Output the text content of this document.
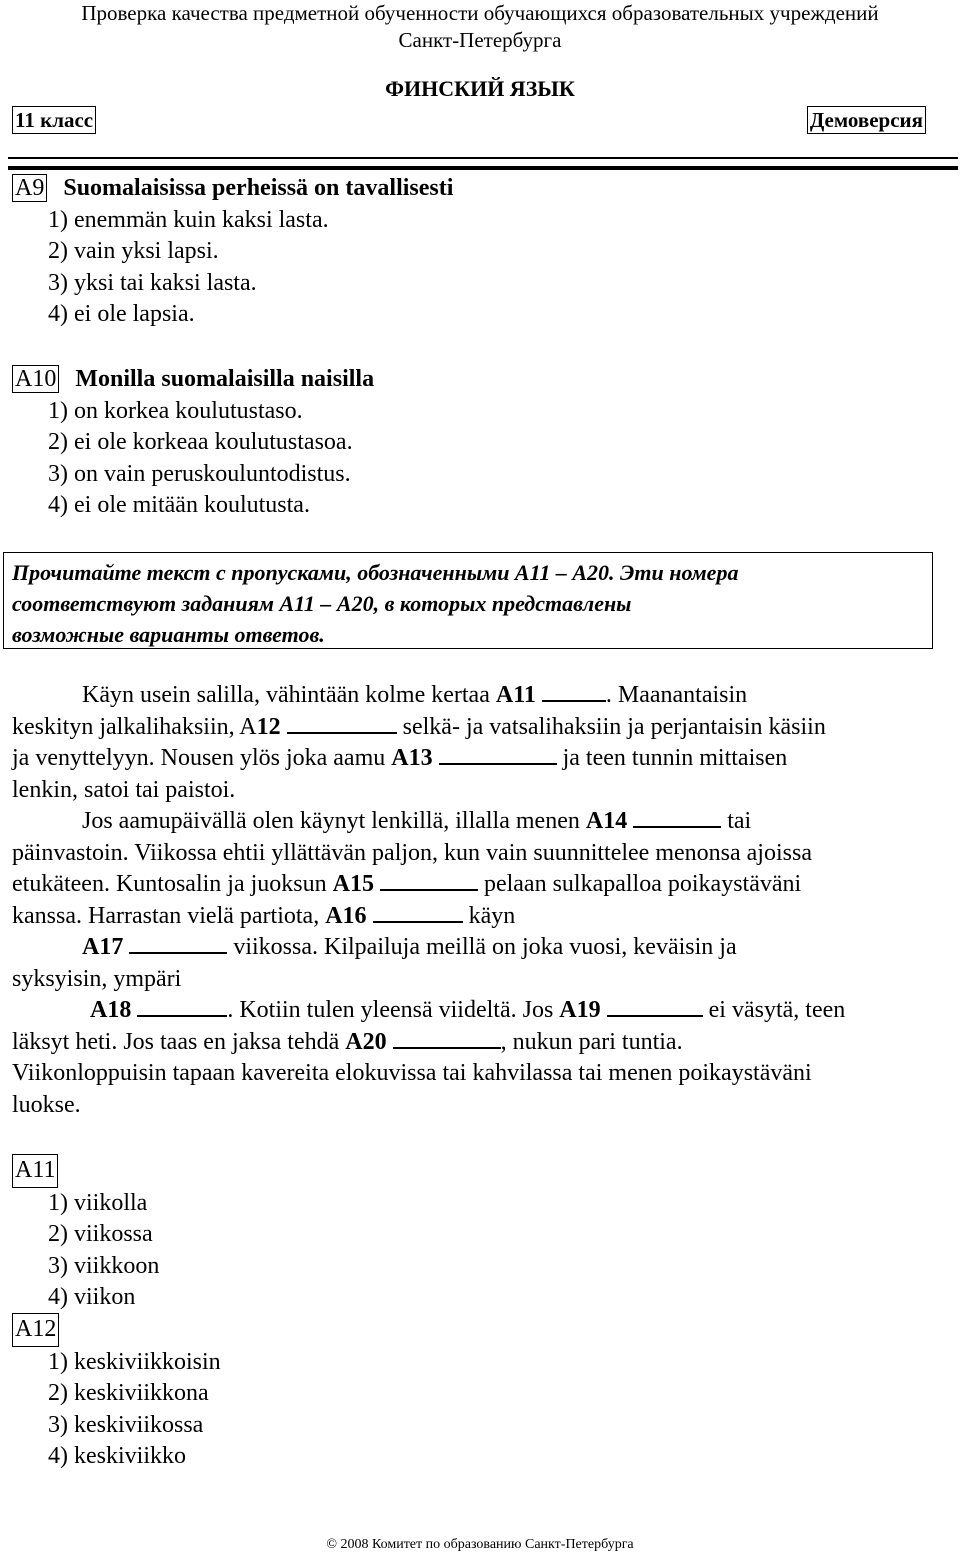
Проверка качества предметной обученности обучающихся образовательных учреждений
Санкт-Петербурга
ФИНСКИЙ ЯЗЫК
11 класс	Демоверсия
А9 Suomalaisissa perheissä on tavallisesti
1) enemmän kuin kaksi lasta.
2) vain yksi lapsi.
3) yksi tai kaksi lasta.
4) ei ole lapsia.
А10 Monilla suomalaisilla naisilla
1) on korkea koulutustaso.
2) ei ole korkeaa koulutustasoa.
3) on vain peruskouluntodistus.
4) ei ole mitään koulutusta.
Прочитайте текст с пропусками, обозначенными А11 – А20. Эти номера
соответствуют заданиям А11 – А20, в которых представлены
возможные варианты ответов.
Käyn usein salilla, vähintään kolme kertaa A11	. Maanantaisin
keskityn jalkalihaksiin, A12	selkä- ja vatsalihaksiin ja perjantaisin käsiin
ja venyttelyyn. Nousen ylös joka aamu A13	ja teen tunnin mittaisen
lenkin, satoi tai paistoi.
Jos aamupäivällä olen käynyt lenkillä, illalla menen A14	tai
päinvastoin. Viikossa ehtii yllättävän paljon, kun vain suunnittelee menonsa ajoissa
etukäteen. Kuntosalin ja juoksun A15	pelaan sulkapalloa poikaystäväni
kanssa. Harrastan vielä partiota, A16	käyn
A17	viikossa. Kilpailuja meillä on joka vuosi, keväisin ja
syksyisin, ympäri
A18	. Kotiin tulen yleensä viideltä. Jos A19	ei väsytä, teen
läksyt heti. Jos taas en jaksa tehdä A20	, nukun pari tuntia.
Viikonloppuisin tapaan kavereita elokuvissa tai kahvilassa tai menen poikaystäväni
luokse.
А11
1) viikolla
2) viikossa
3) viikkoon
4) viikon
А12
1) keskiviikkoisin
2) keskiviikkona
3) keskiviikossa
4) keskiviikko
© 2008 Комитет по образованию Санкт-Петербурга
